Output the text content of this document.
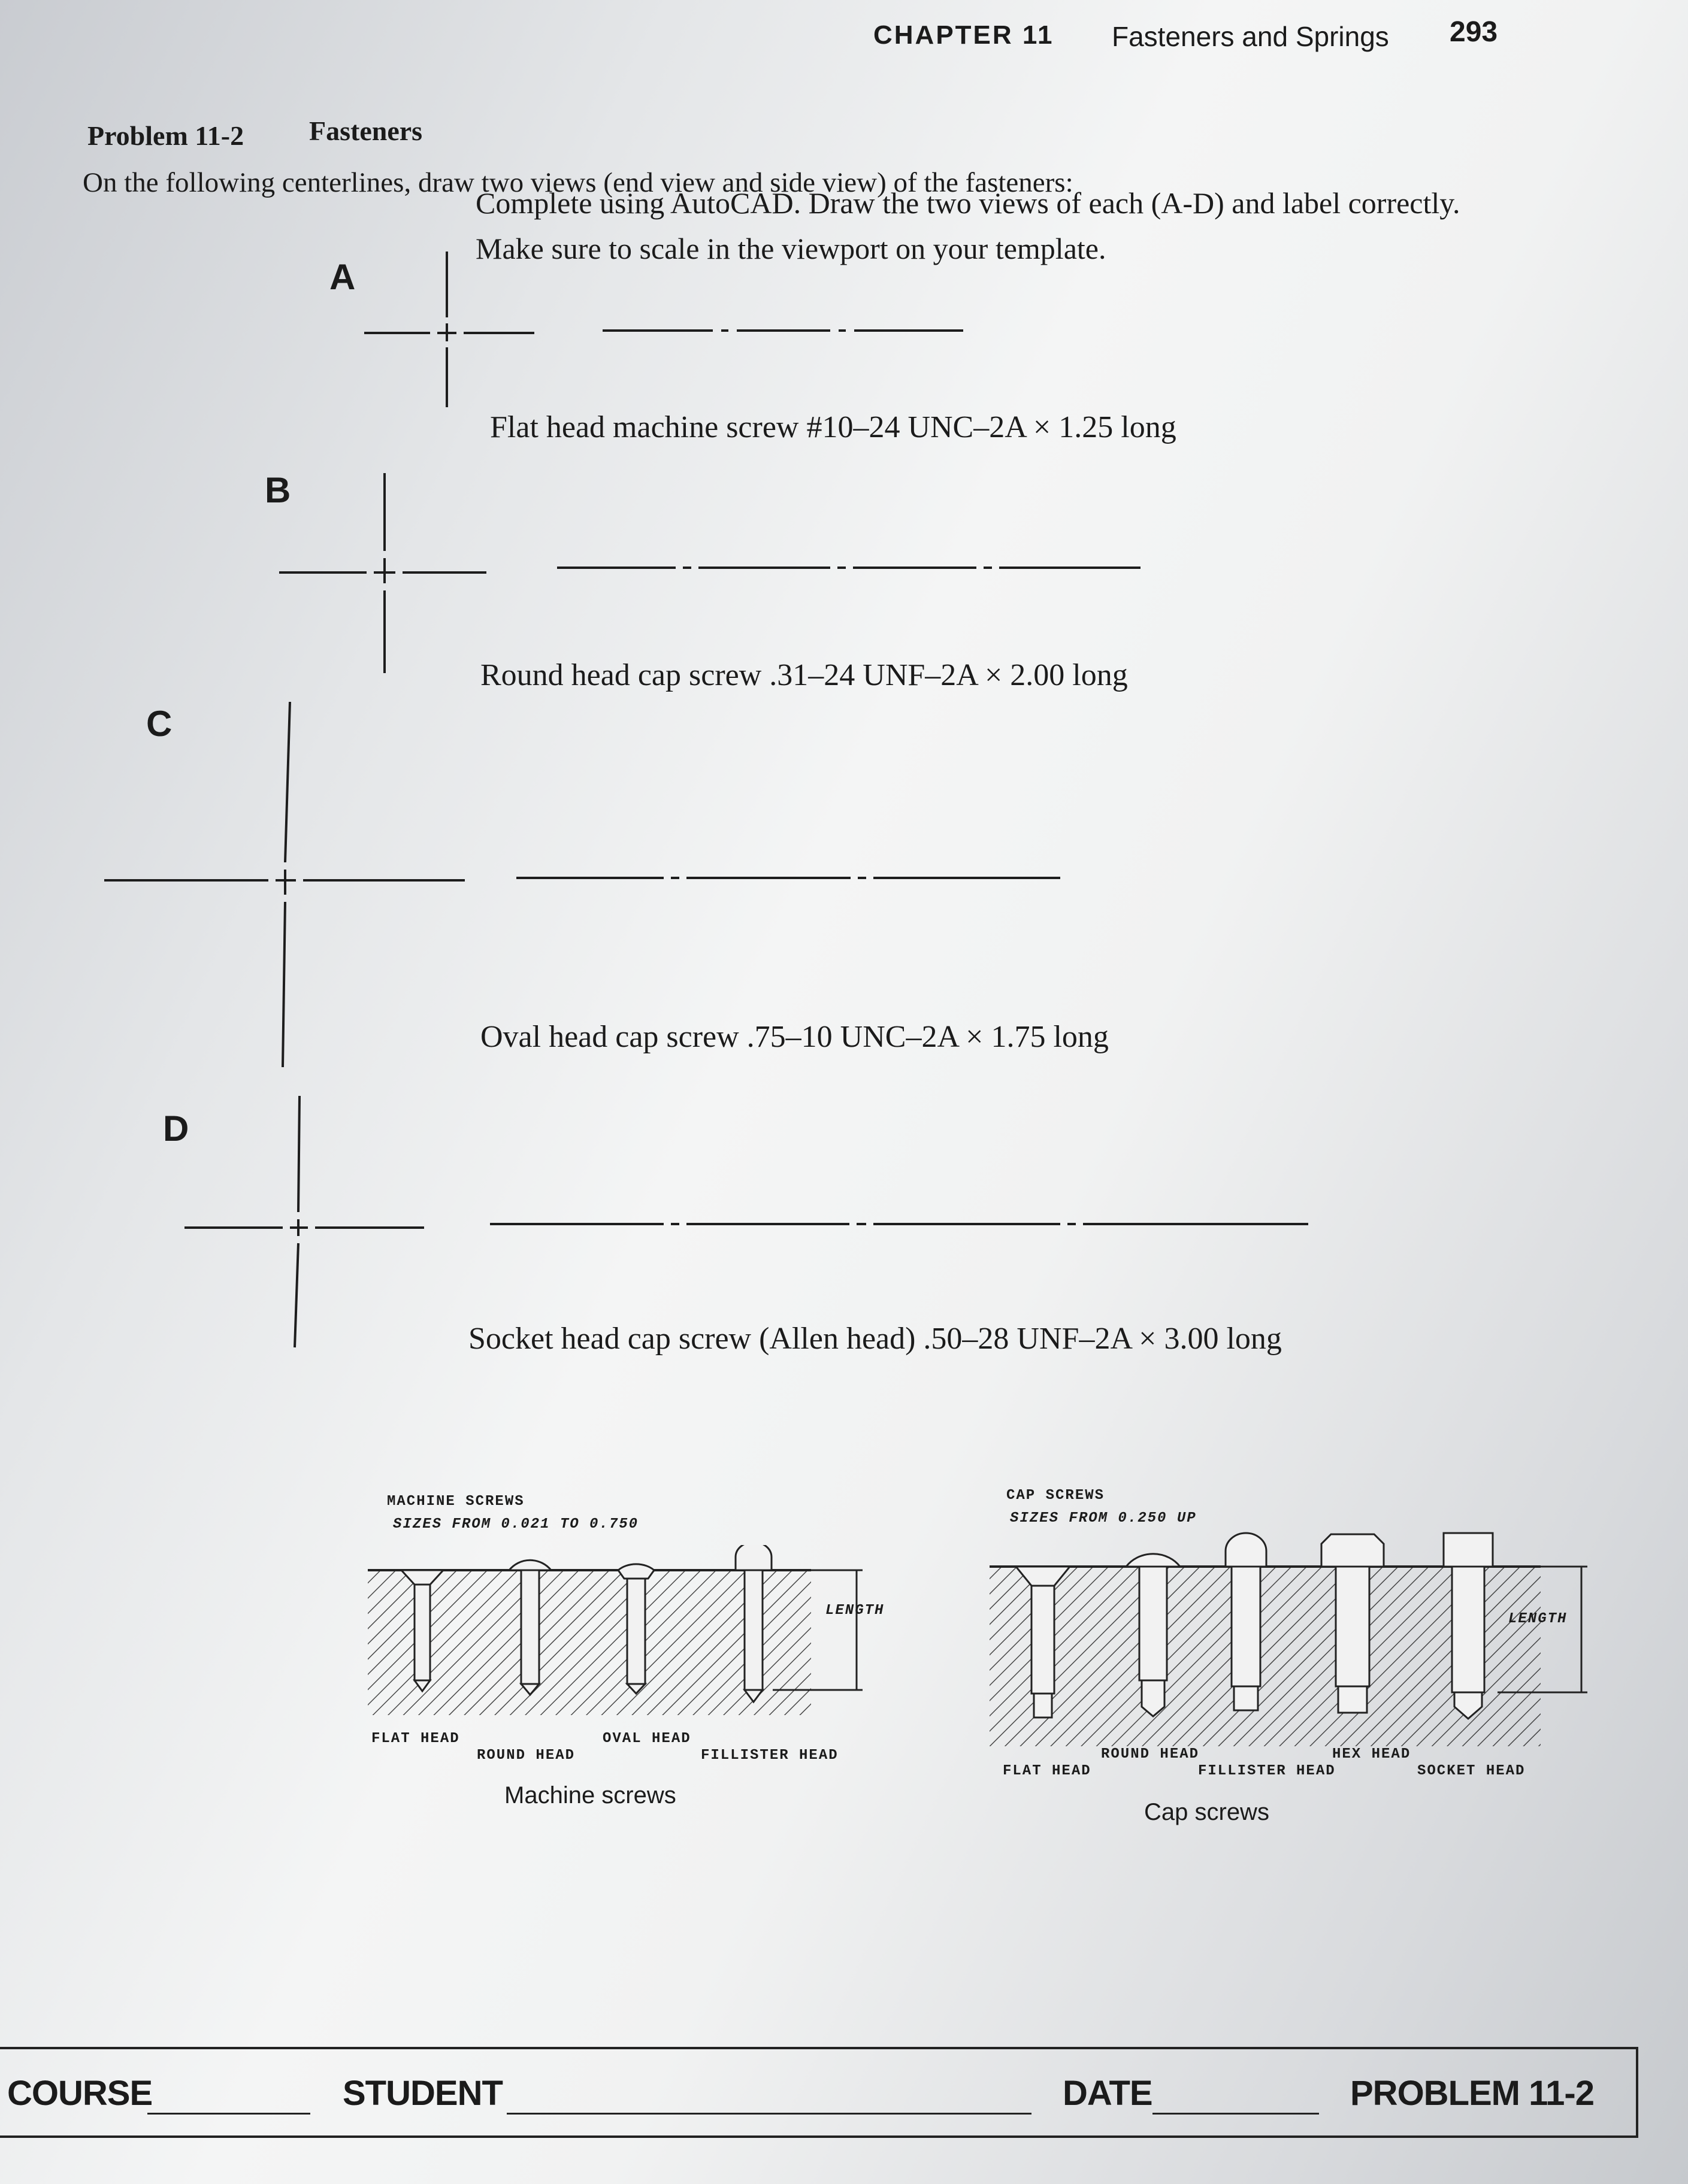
CHAPTER 11 Fasteners and Springs 293
Problem 11-2 Fasteners
On the following centerlines, draw two views (end view and side view) of the fasteners:
Complete using AutoCAD. Draw the two views of each (A-D) and label correctly.
Make sure to scale in the viewport on your template.
A
B
C
D
Flat head machine screw #10–24 UNC–2A × 1.25 long
Round head cap screw .31–24 UNF–2A × 2.00 long
Oval head cap screw .75–10 UNC–2A × 1.75 long
Socket head cap screw (Allen head) .50–28 UNF–2A × 3.00 long
MACHINE SCREWS
SIZES FROM 0.021 TO 0.750
LENGTH
FLAT HEAD
ROUND HEAD
OVAL HEAD
FILLISTER HEAD
Machine screws
CAP SCREWS
SIZES FROM 0.250 UP
LENGTH
FLAT HEAD
ROUND HEAD
FILLISTER HEAD
HEX HEAD
SOCKET HEAD
Cap screws
COURSE	STUDENT	DATE	PROBLEM 11-2
